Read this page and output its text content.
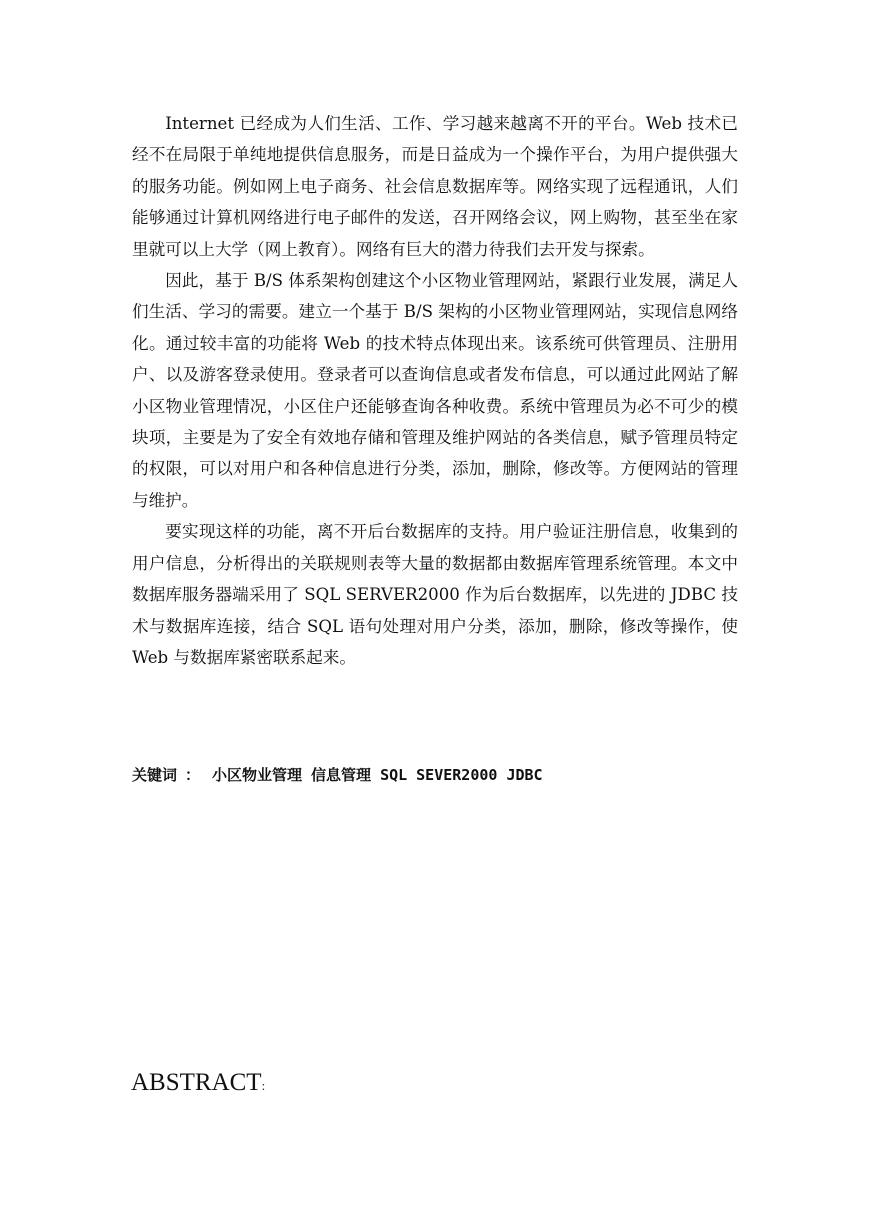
Internet 已经成为人们生活、工作、学习越来越离不开的平台。Web 技术已经不在局限于单纯地提供信息服务，而是日益成为一个操作平台，为用户提供强大的服务功能。例如网上电子商务、社会信息数据库等。网络实现了远程通讯，人们能够通过计算机网络进行电子邮件的发送，召开网络会议，网上购物，甚至坐在家里就可以上大学（网上教育）。网络有巨大的潜力待我们去开发与探索。

因此，基于 B/S 体系架构创建这个小区物业管理网站，紧跟行业发展，满足人们生活、学习的需要。建立一个基于 B/S 架构的小区物业管理网站，实现信息网络化。通过较丰富的功能将 Web 的技术特点体现出来。该系统可供管理员、注册用户、以及游客登录使用。登录者可以查询信息或者发布信息，可以通过此网站了解小区物业管理情况，小区住户还能够查询各种收费。系统中管理员为必不可少的模块项，主要是为了安全有效地存储和管理及维护网站的各类信息，赋予管理员特定的权限，可以对用户和各种信息进行分类，添加，删除，修改等。方便网站的管理与维护。

要实现这样的功能，离不开后台数据库的支持。用户验证注册信息，收集到的用户信息，分析得出的关联规则表等大量的数据都由数据库管理系统管理。本文中数据库服务器端采用了 SQL SERVER2000 作为后台数据库，以先进的 JDBC 技术与数据库连接，结合 SQL 语句处理对用户分类，添加，删除，修改等操作，使 Web 与数据库紧密联系起来。

关键词 ： 小区物业管理 信息管理 SQL SEVER2000 JDBC
ABSTRACT:
